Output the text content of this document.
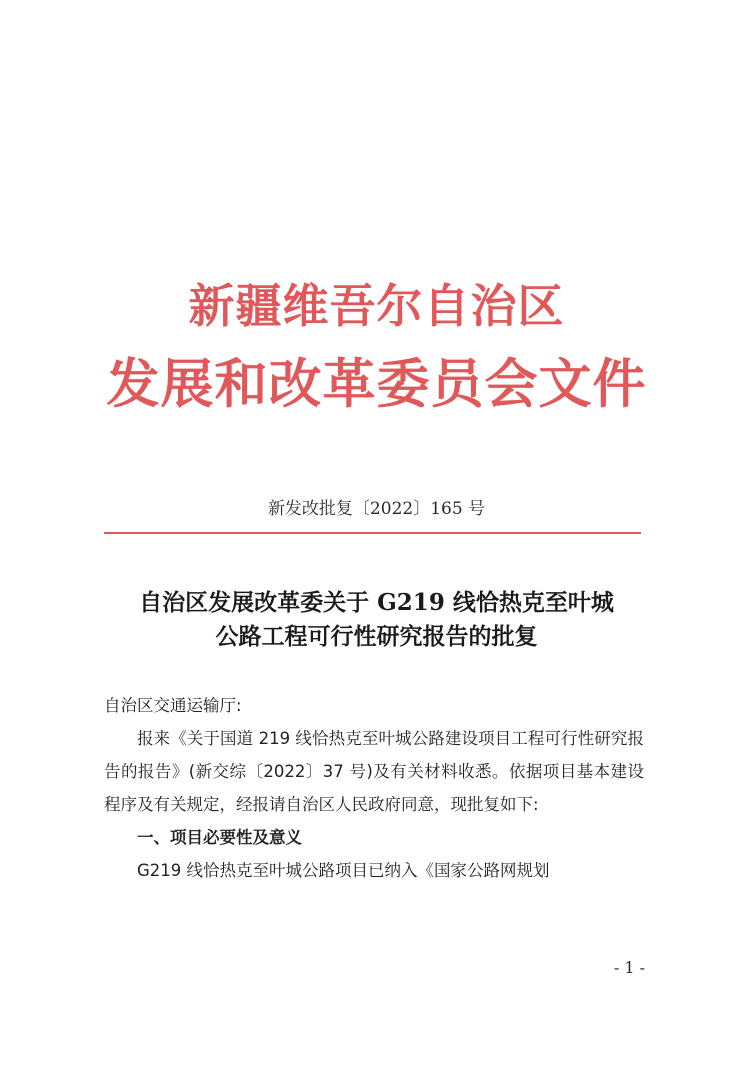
新疆维吾尔自治区
发展和改革委员会文件
新发改批复〔2022〕165 号
自治区发展改革委关于 G219 线恰热克至叶城
公路工程可行性研究报告的批复

自治区交通运输厅:

报来《关于国道 219 线恰热克至叶城公路建设项目工程可行性研究报告的报告》(新交综〔2022〕37 号)及有关材料收悉。依据项目基本建设程序及有关规定，经报请自治区人民政府同意，现批复如下:

一、项目必要性及意义

G219 线恰热克至叶城公路项目已纳入《国家公路网规划

- 1 -
